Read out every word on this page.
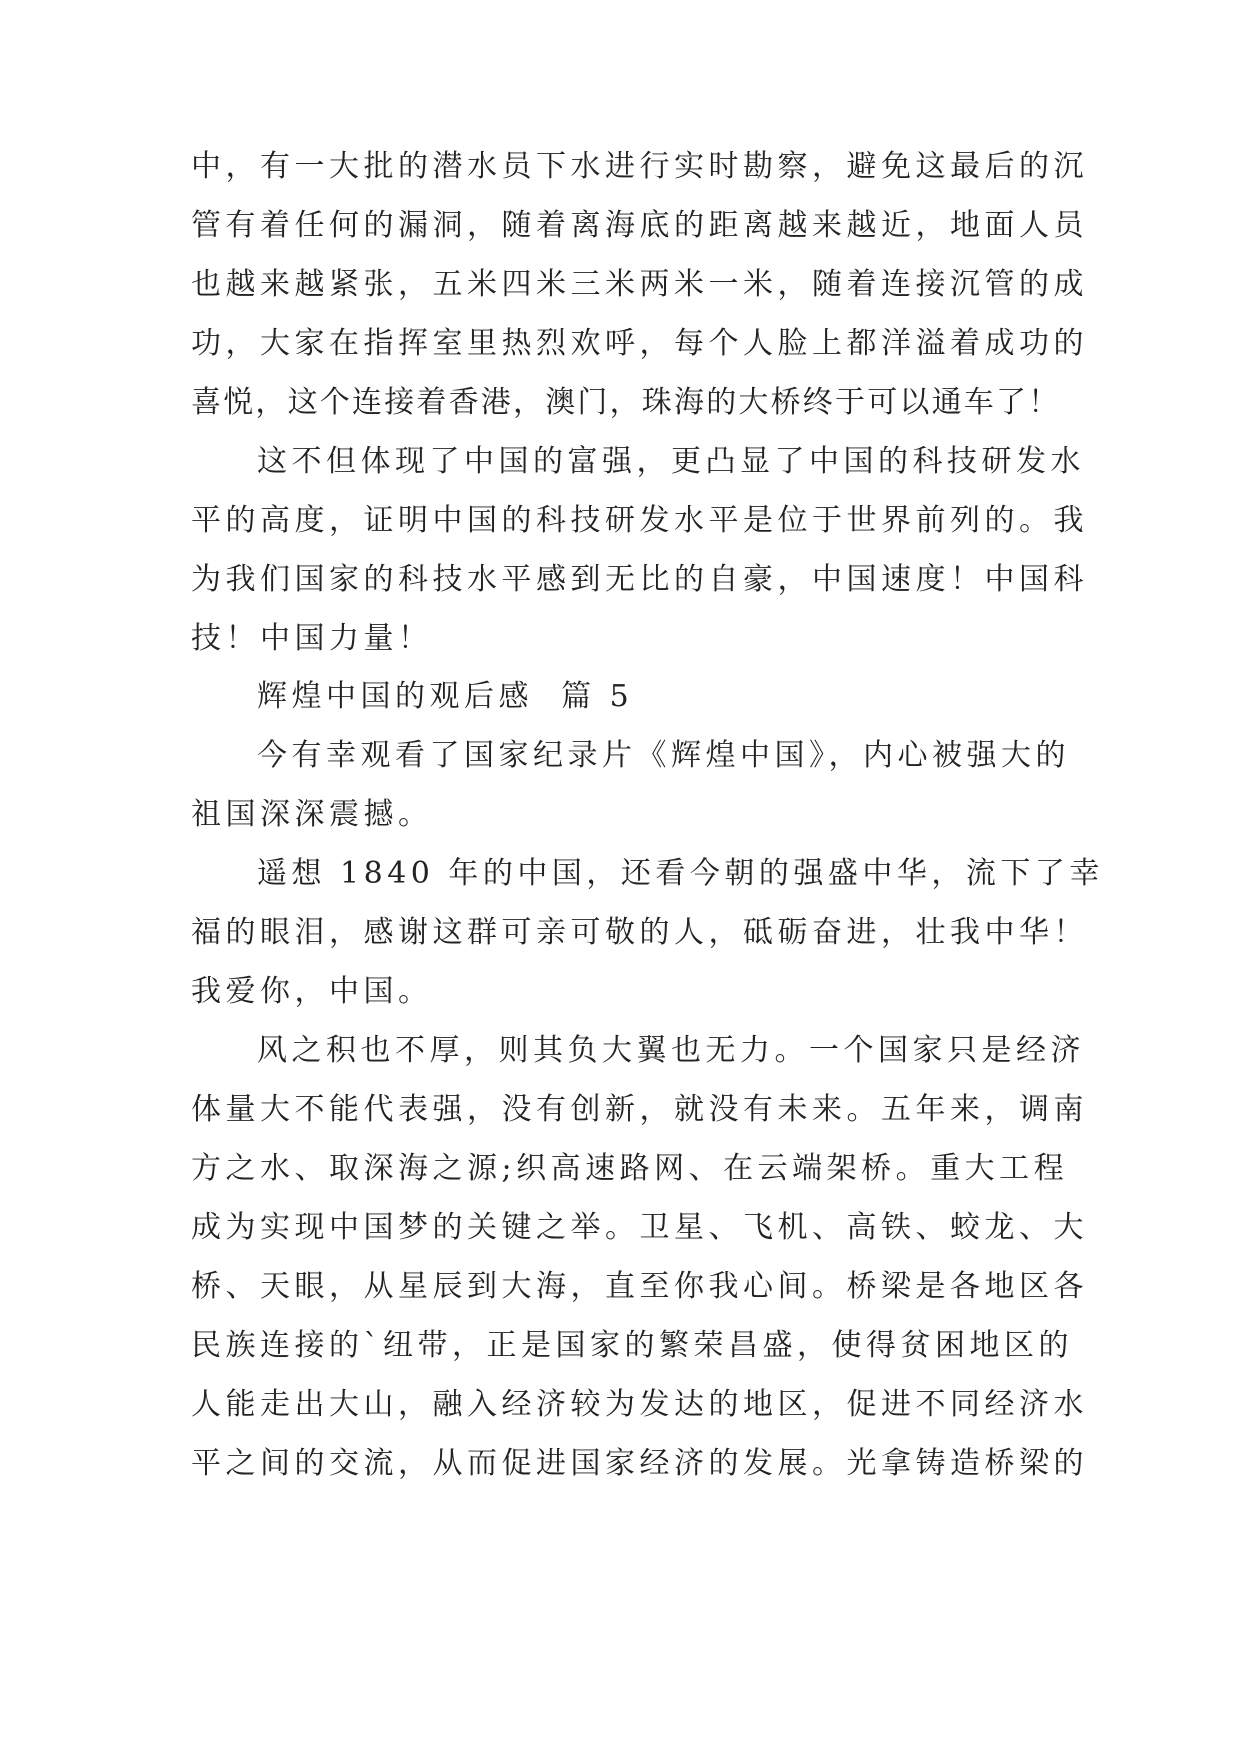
中，有一大批的潜水员下水进行实时勘察，避免这最后的沉
管有着任何的漏洞，随着离海底的距离越来越近，地面人员
也越来越紧张，五米四米三米两米一米，随着连接沉管的成
功，大家在指挥室里热烈欢呼，每个人脸上都洋溢着成功的
喜悦，这个连接着香港，澳门，珠海的大桥终于可以通车了！
这不但体现了中国的富强，更凸显了中国的科技研发水
平的高度，证明中国的科技研发水平是位于世界前列的。我
为我们国家的科技水平感到无比的自豪，中国速度！中国科
技！中国力量！
辉煌中国的观后感  篇 5
今有幸观看了国家纪录片《辉煌中国》，内心被强大的
祖国深深震撼。
遥想 1840 年的中国，还看今朝的强盛中华，流下了幸
福的眼泪，感谢这群可亲可敬的人，砥砺奋进，壮我中华！
我爱你，中国。
风之积也不厚，则其负大翼也无力。一个国家只是经济
体量大不能代表强，没有创新，就没有未来。五年来，调南
方之水、取深海之源;织高速路网、在云端架桥。重大工程
成为实现中国梦的关键之举。卫星、飞机、高铁、蛟龙、大
桥、天眼，从星辰到大海，直至你我心间。桥梁是各地区各
民族连接的`纽带，正是国家的繁荣昌盛，使得贫困地区的
人能走出大山，融入经济较为发达的地区，促进不同经济水
平之间的交流，从而促进国家经济的发展。光拿铸造桥梁的
